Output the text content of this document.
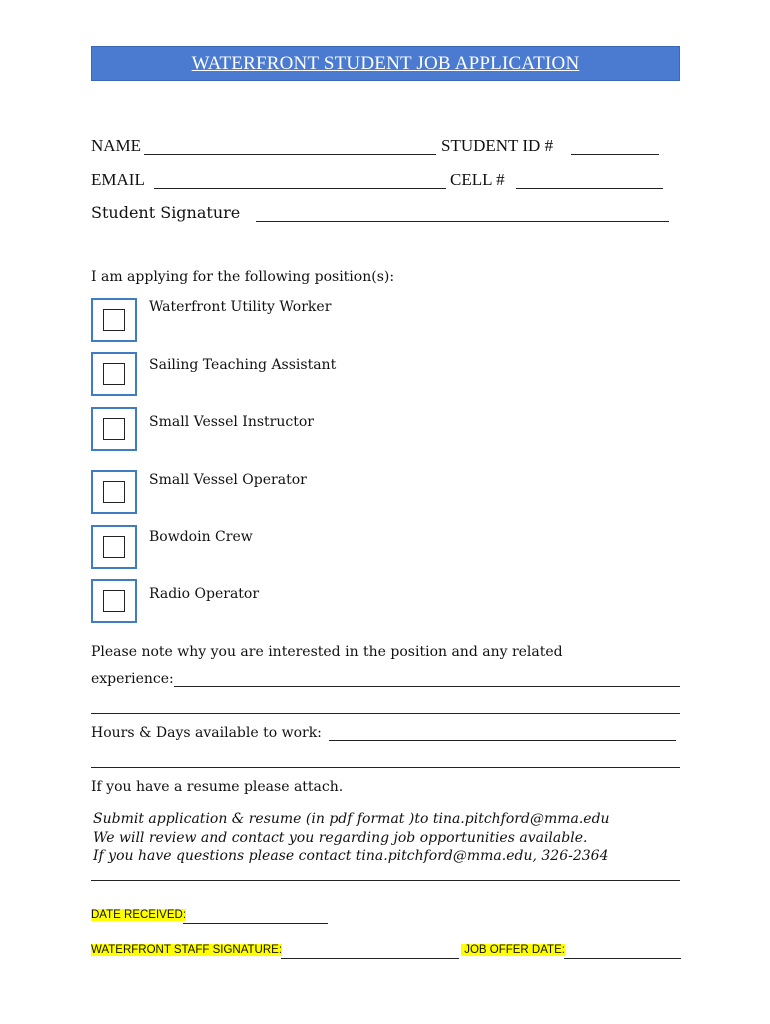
WATERFRONT STUDENT JOB APPLICATION
NAME	STUDENT ID #
EMAIL	CELL #
Student Signature
I am applying for the following position(s):
Waterfront Utility Worker
Sailing Teaching Assistant
Small Vessel Instructor
Small Vessel Operator
Bowdoin Crew
Radio Operator
Please note why you are interested in the position and any related
experience:
Hours & Days available to work:
If you have a resume please attach.
Submit application & resume (in pdf format )to tina.pitchford@mma.edu
We will review and contact you regarding job opportunities available.
If you have questions please contact tina.pitchford@mma.edu, 326-2364
DATE RECEIVED:
WATERFRONT STAFF SIGNATURE:	JOB OFFER DATE:
